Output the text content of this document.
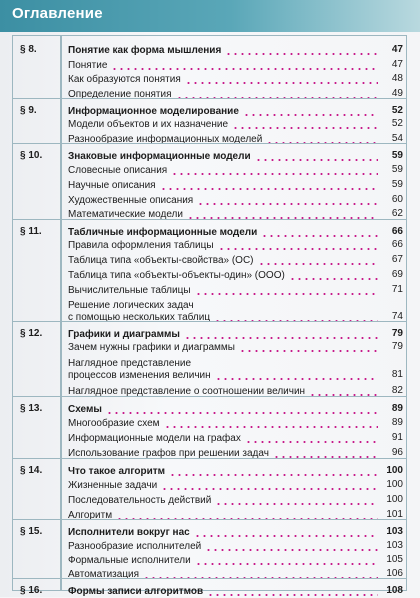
Оглавление
§ 8.	Понятие как форма мышления	47
Понятие	47
Как образуются понятия	48
Определение понятия	49
§ 9.	Информационное моделирование	52
Модели объектов и их назначение	52
Разнообразие информационных моделей	54
§ 10.	Знаковые информационные модели	59
Словесные описания	59
Научные описания	59
Художественные описания	60
Математические модели	62
§ 11.	Табличные информационные модели	66
Правила оформления таблицы	66
Таблица типа «объекты-свойства» (ОС)	67
Таблица типа «объекты-объекты-один» (ООО)	69
Вычислительные таблицы	71
Решение логических задач
с помощью нескольких таблиц	74
§ 12.	Графики и диаграммы	79
Зачем нужны графики и диаграммы	79
Наглядное представление
процессов изменения величин	81
Наглядное представление о соотношении величин	82
§ 13.	Схемы	89
Многообразие схем	89
Информационные модели на графах	91
Использование графов при решении задач	96
§ 14.	Что такое алгоритм	100
Жизненные задачи	100
Последовательность действий	100
Алгоритм	101
§ 15.	Исполнители вокруг нас	103
Разнообразие исполнителей	103
Формальные исполнители	105
Автоматизация	106
§ 16.	Формы записи алгоритмов	108
